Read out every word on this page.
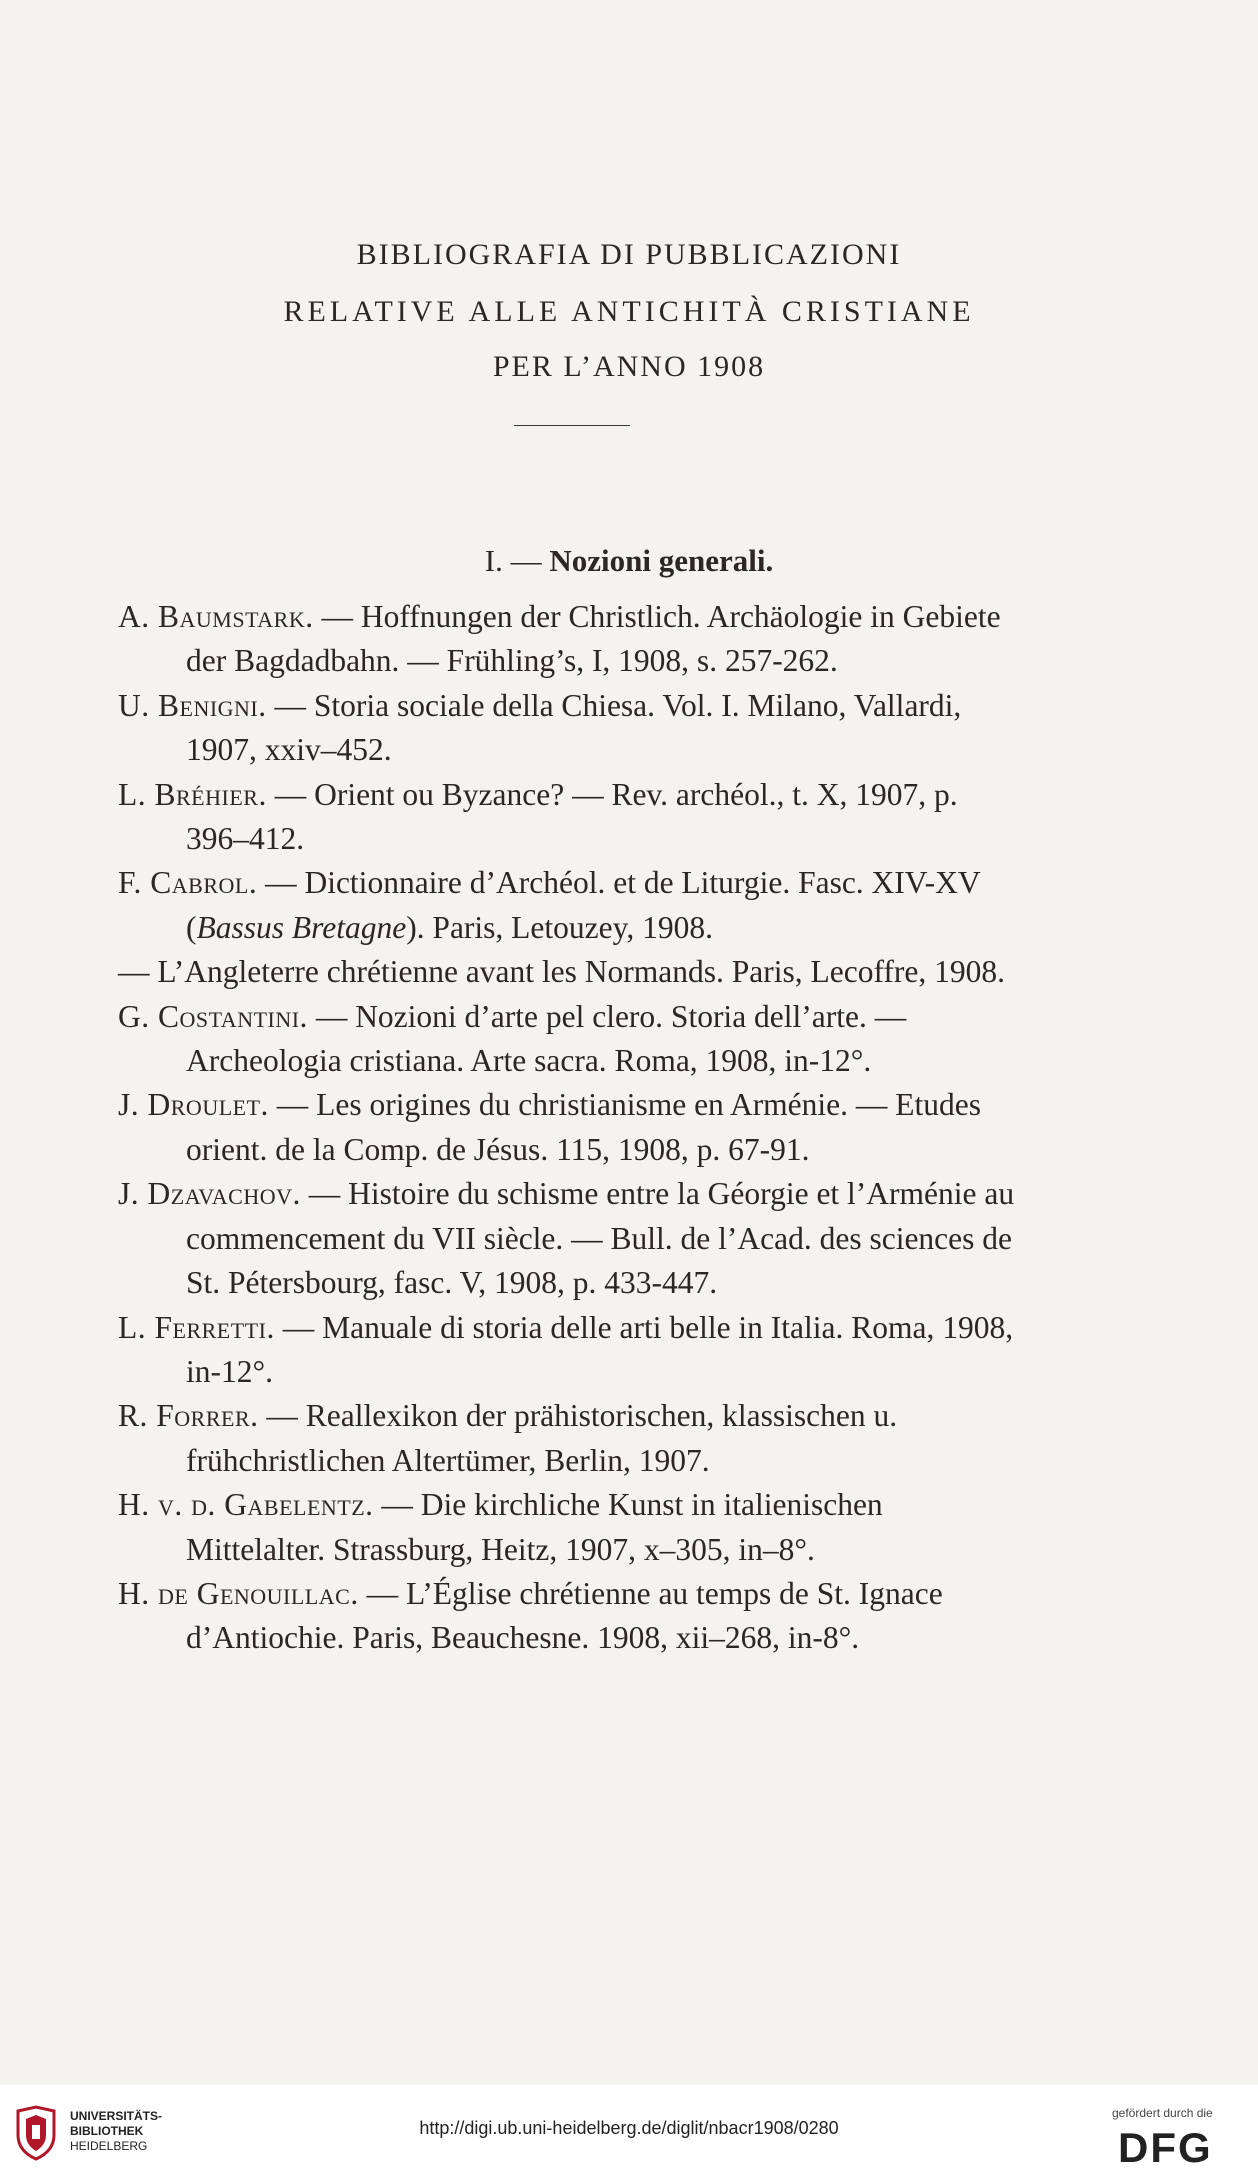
BIBLIOGRAFIA DI PUBBLICAZIONI
RELATIVE ALLE ANTICHITÀ CRISTIANE
PER L’ANNO 1908
I. — Nozioni generali.

A. Baumstark. — Hoffnungen der Christlich. Archäologie in Gebiete der Bagdadbahn. — Frühling’s, I, 1908, s. 257-262.

U. Benigni. — Storia sociale della Chiesa. Vol. I. Milano, Vallardi, 1907, xxiv–452.

L. Bréhier. — Orient ou Byzance? — Rev. archéol., t. X, 1907, p. 396–412.

F. Cabrol. — Dictionnaire d’Archéol. et de Liturgie. Fasc. XIV-XV (Bassus Bretagne). Paris, Letouzey, 1908.

— L’Angleterre chrétienne avant les Normands. Paris, Lecoffre, 1908.

G. Costantini. — Nozioni d’arte pel clero. Storia dell’arte. — Archeologia cristiana. Arte sacra. Roma, 1908, in-12°.

J. Droulet. — Les origines du christianisme en Arménie. — Etudes orient. de la Comp. de Jésus. 115, 1908, p. 67-91.

J. Dzavachov. — Histoire du schisme entre la Géorgie et l’Arménie au commencement du VII siècle. — Bull. de l’Acad. des sciences de St. Pétersbourg, fasc. V, 1908, p. 433-447.

L. Ferretti. — Manuale di storia delle arti belle in Italia. Roma, 1908, in-12°.

R. Forrer. — Reallexikon der prähistorischen, klassischen u. frühchristlichen Altertümer, Berlin, 1907.

H. v. d. Gabelentz. — Die kirchliche Kunst in italienischen Mittelalter. Strassburg, Heitz, 1907, x–305, in–8°.

H. de Genouillac. — L’Église chrétienne au temps de St. Ignace d’Antiochie. Paris, Beauchesne. 1908, xii–268, in-8°.

UNIVERSITÄTS-
BIBLIOTHEK
HEIDELBERG
http://digi.ub.uni-heidelberg.de/diglit/nbacr1908/0280
gefördert durch die
DFG
